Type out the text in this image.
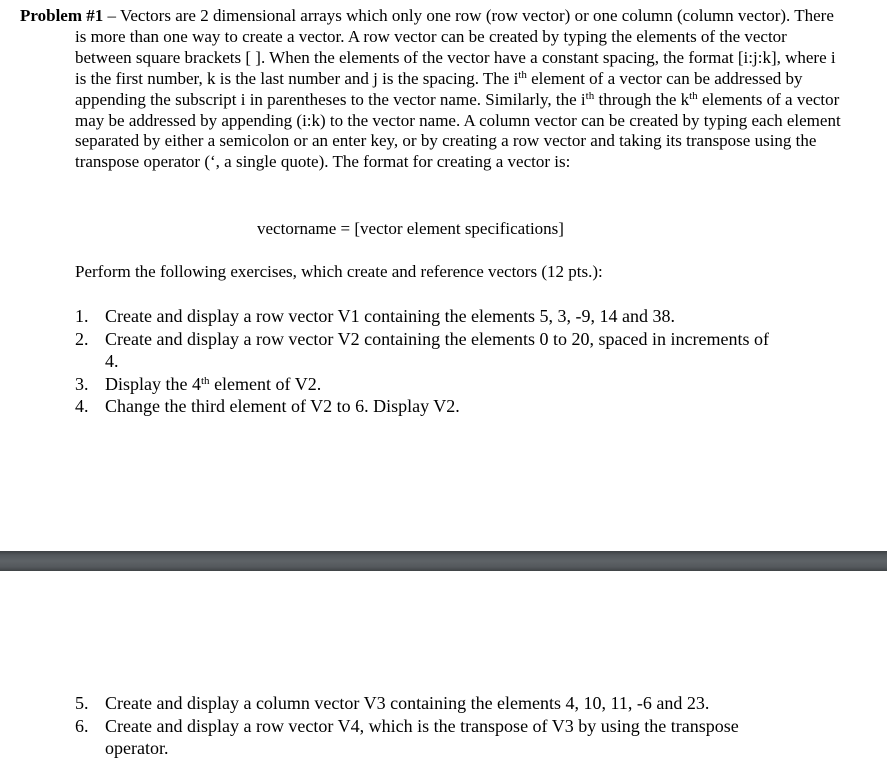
Problem #1 – Vectors are 2 dimensional arrays which only one row (row vector) or one column (column vector). There is more than one way to create a vector. A row vector can be created by typing the elements of the vector between square brackets [ ]. When the elements of the vector have a constant spacing, the format [i:j:k], where i is the first number, k is the last number and j is the spacing. The $i^{th}$ element of a vector can be addressed by appending the subscript i in parentheses to the vector name. Similarly, the $i^{th}$ through the $k^{th}$ elements of a vector may be addressed by appending (i:k) to the vector name. A column vector can be created by typing each element separated by either a semicolon or an enter key, or by creating a row vector and taking its transpose using the transpose operator (‘, a single quote). The format for creating a vector is:
vectorname = [vector element specifications]
Perform the following exercises, which create and reference vectors (12 pts.):
1. Create and display a row vector V1 containing the elements 5, 3, -9, 14 and 38.
2. Create and display a row vector V2 containing the elements 0 to 20, spaced in increments of 4.
3. Display the 4th element of V2.
4. Change the third element of V2 to 6. Display V2.
5. Create and display a column vector V3 containing the elements 4, 10, 11, -6 and 23.
6. Create and display a row vector V4, which is the transpose of V3 by using the transpose operator.
